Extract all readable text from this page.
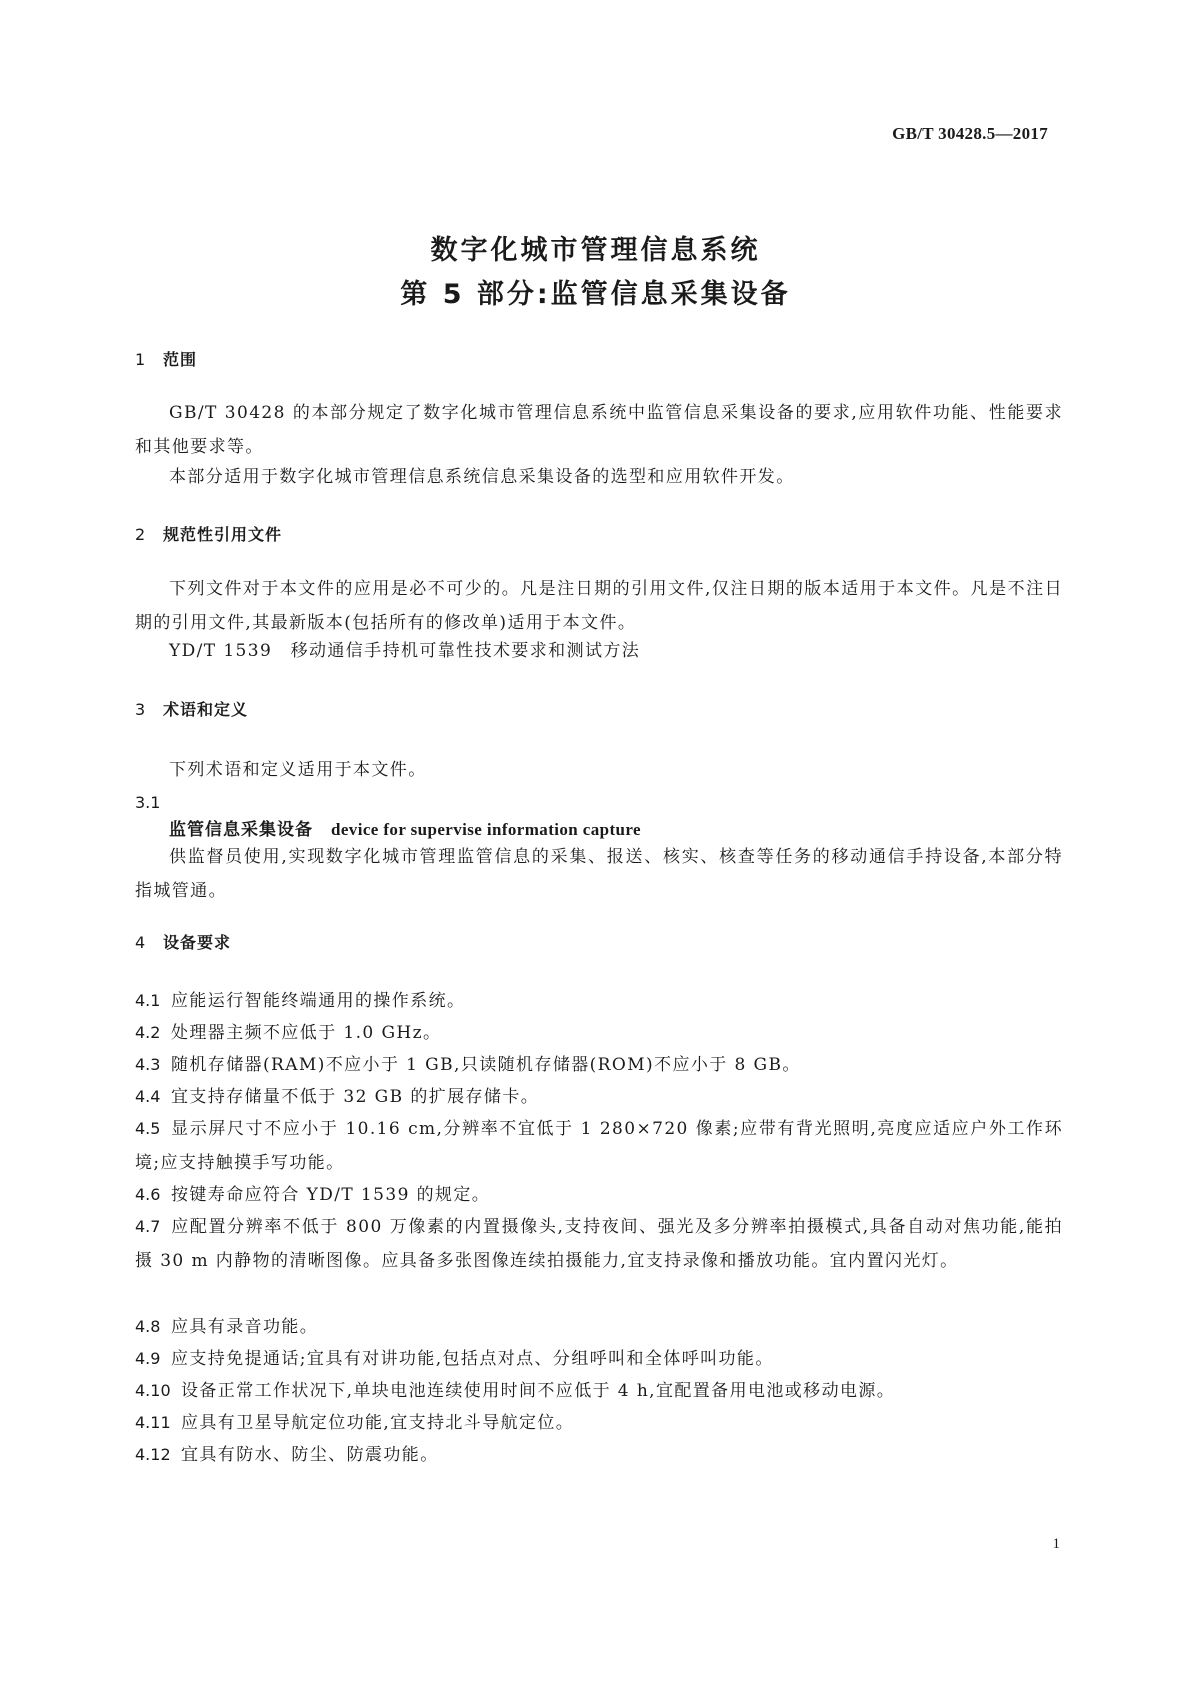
GB/T 30428.5—2017
数字化城市管理信息系统
第 5 部分:监管信息采集设备
1 范围
GB/T 30428 的本部分规定了数字化城市管理信息系统中监管信息采集设备的要求,应用软件功能、性能要求和其他要求等。
本部分适用于数字化城市管理信息系统信息采集设备的选型和应用软件开发。
2 规范性引用文件
下列文件对于本文件的应用是必不可少的。凡是注日期的引用文件,仅注日期的版本适用于本文件。凡是不注日期的引用文件,其最新版本(包括所有的修改单)适用于本文件。
YD/T 1539　移动通信手持机可靠性技术要求和测试方法
3 术语和定义
下列术语和定义适用于本文件。
3.1
监管信息采集设备 device for supervise information capture
供监督员使用,实现数字化城市管理监管信息的采集、报送、核实、核查等任务的移动通信手持设备,本部分特指城管通。
4 设备要求
4.1 应能运行智能终端通用的操作系统。
4.2 处理器主频不应低于 1.0 GHz。
4.3 随机存储器(RAM)不应小于 1 GB,只读随机存储器(ROM)不应小于 8 GB。
4.4 宜支持存储量不低于 32 GB 的扩展存储卡。
4.5 显示屏尺寸不应小于 10.16 cm,分辨率不宜低于 1 280×720 像素;应带有背光照明,亮度应适应户外工作环境;应支持触摸手写功能。
4.6 按键寿命应符合 YD/T 1539 的规定。
4.7 应配置分辨率不低于 800 万像素的内置摄像头,支持夜间、强光及多分辨率拍摄模式,具备自动对焦功能,能拍摄 30 m 内静物的清晰图像。应具备多张图像连续拍摄能力,宜支持录像和播放功能。宜内置闪光灯。
4.8 应具有录音功能。
4.9 应支持免提通话;宜具有对讲功能,包括点对点、分组呼叫和全体呼叫功能。
4.10 设备正常工作状况下,单块电池连续使用时间不应低于 4 h,宜配置备用电池或移动电源。
4.11 应具有卫星导航定位功能,宜支持北斗导航定位。
4.12 宜具有防水、防尘、防震功能。
1
